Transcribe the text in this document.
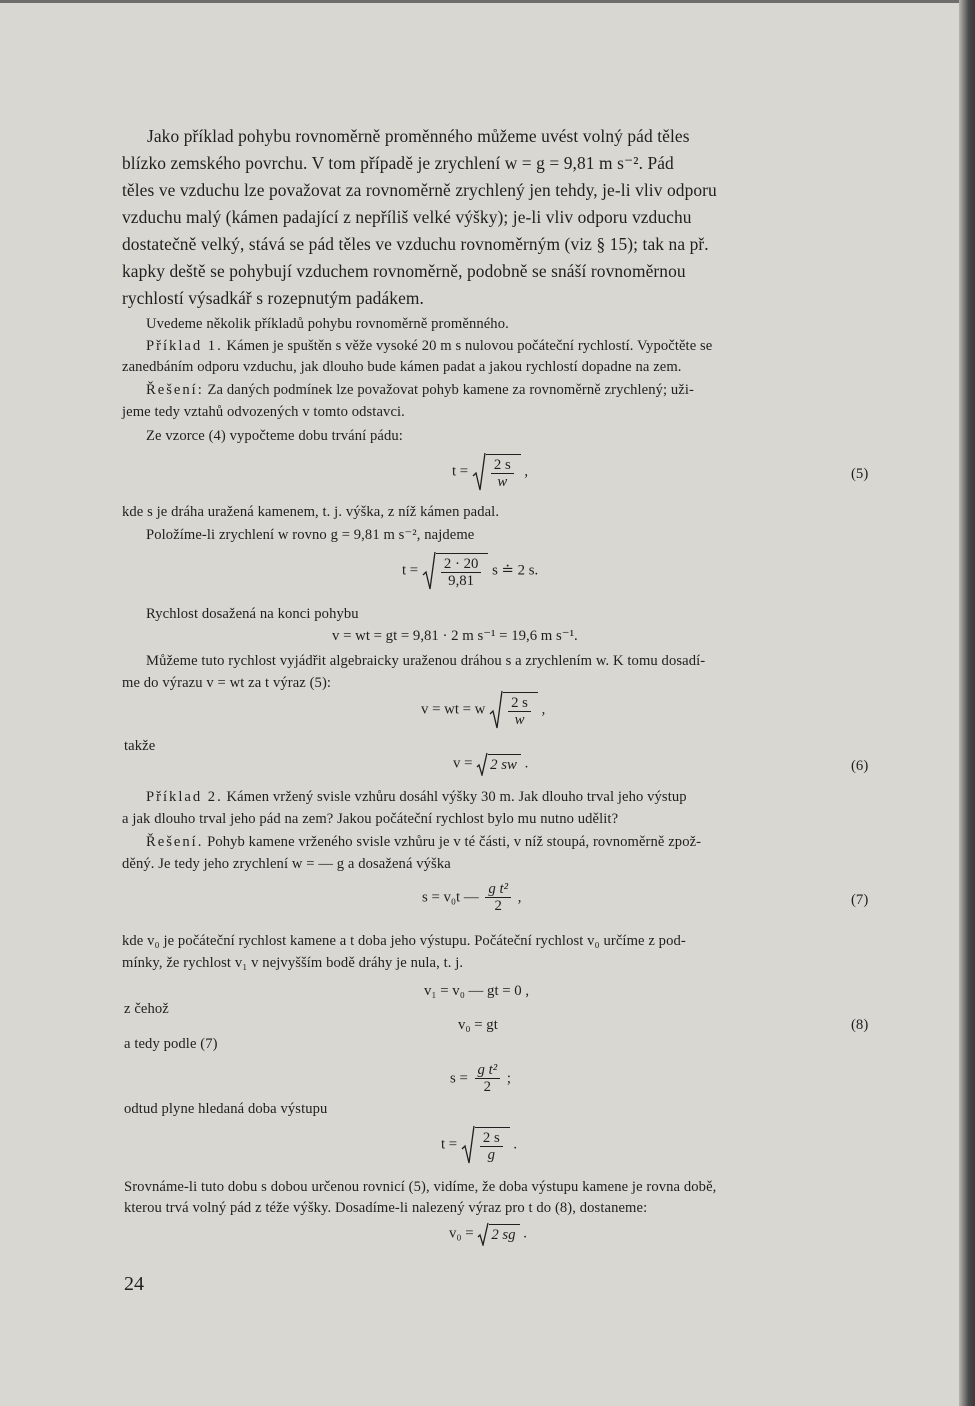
Jako příklad pohybu rovnoměrně proměnného můžeme uvést volný pád těles
blízko zemského povrchu. V tom případě je zrychlení w = g = 9,81 m s⁻². Pád
těles ve vzduchu lze považovat za rovnoměrně zrychlený jen tehdy, je-li vliv odporu
vzduchu malý (kámen padající z nepříliš velké výšky); je-li vliv odporu vzduchu
dostatečně velký, stává se pád těles ve vzduchu rovnoměrným (viz § 15); tak na př.
kapky deště se pohybují vzduchem rovnoměrně, podobně se snáší rovnoměrnou
rychlostí výsadkář s rozepnutým padákem.
Uvedeme několik příkladů pohybu rovnoměrně proměnného.
Příklad 1. Kámen je spuštěn s věže vysoké 20 m s nulovou počáteční rychlostí. Vypočtěte se
zanedbáním odporu vzduchu, jak dlouho bude kámen padat a jakou rychlostí dopadne na zem.
Řešení: Za daných podmínek lze považovat pohyb kamene za rovnoměrně zrychlený; uži-
jeme tedy vztahů odvozených v tomto odstavci.
Ze vzorce (4) vypočteme dobu trvání pádu:
$t = \frac{2 s}{w}$ ,	(5)
kde s je dráha uražená kamenem, t. j. výška, z níž kámen padal.
Položíme-li zrychlení w rovno g = 9,81 m s⁻², najdeme
$t = \frac{2 \cdot 20}{9,81}$ s ≐ 2 s.
Rychlost dosažená na konci pohybu
v = wt = gt = 9,81 · 2 m s⁻¹ = 19,6 m s⁻¹.
Můžeme tuto rychlost vyjádřit algebraicky uraženou dráhou s a zrychlením w. K tomu dosadí-
me do výrazu v = wt za t výraz (5):
v = wt = w $\frac{2 s}{w}$ ,
takže
v = 2 sw .	(6)
Příklad 2. Kámen vržený svisle vzhůru dosáhl výšky 30 m. Jak dlouho trval jeho výstup
a jak dlouho trval jeho pád na zem? Jakou počáteční rychlost bylo mu nutno udělit?
Řešení. Pohyb kamene vrženého svisle vzhůru je v té části, v níž stoupá, rovnoměrně zpož-
děný. Je tedy jeho zrychlení w = — g a dosažená výška
s = v₀t — $\frac{\text{g t²}}{2}$ ,	(7)
kde v₀ je počáteční rychlost kamene a t doba jeho výstupu. Počáteční rychlost v₀ určíme z pod-
mínky, že rychlost v₁ v nejvyšším bodě dráhy je nula, t. j.
v₁ = v₀ — gt = 0 ,
z čehož
v₀ = gt	(8)
a tedy podle (7)
$s = \frac{\text{g t²}}{2}$ ;
odtud plyne hledaná doba výstupu
$t = \frac{2 s}{g}$ .
Srovnáme-li tuto dobu s dobou určenou rovnicí (5), vidíme, že doba výstupu kamene je rovna době,
kterou trvá volný pád z téže výšky. Dosadíme-li nalezený výraz pro t do (8), dostaneme:
v₀ = 2 sg .
24
